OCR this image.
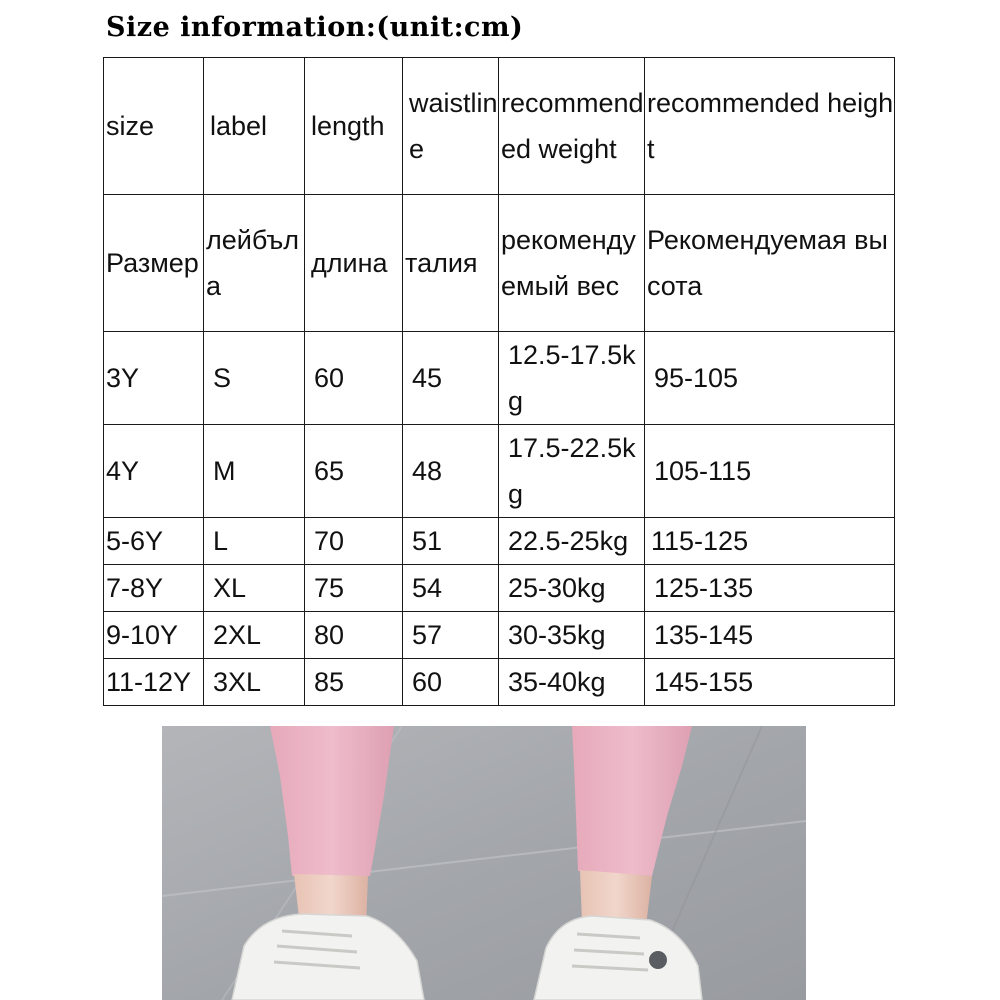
Size information:(unit:cm)
size	label	length	waistline	recommended weight	recommended height
Размер	лейбъла	длина	талия	рекомендуемый вес	Рекомендуемая высота
3Y	S	60	45	12.5-17.5kg	95-105
4Y	M	65	48	17.5-22.5kg	105-115
5-6Y	L	70	51	22.5-25kg	115-125
7-8Y	XL	75	54	25-30kg	125-135
9-10Y	2XL	80	57	30-35kg	135-145
11-12Y	3XL	85	60	35-40kg	145-155
